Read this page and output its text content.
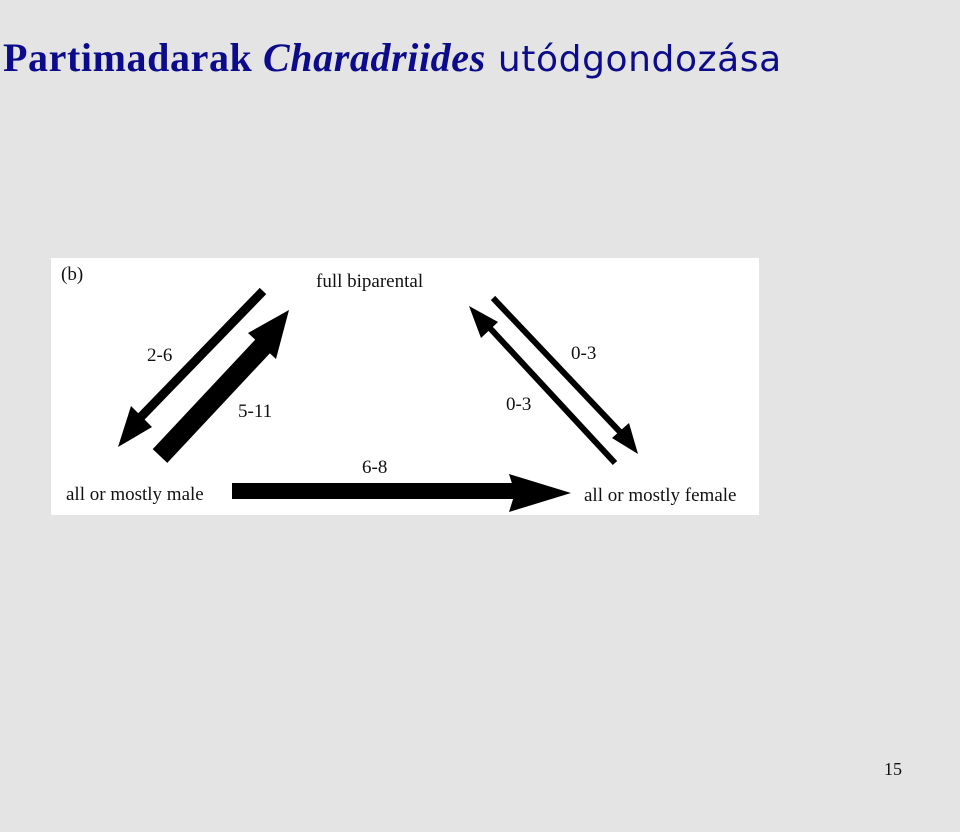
Partimadarak Charadriides utódgondozása
(b)	full biparental
all or mostly male	all or mostly female
2-6
5-11
0-3
0-3
6-8
15
